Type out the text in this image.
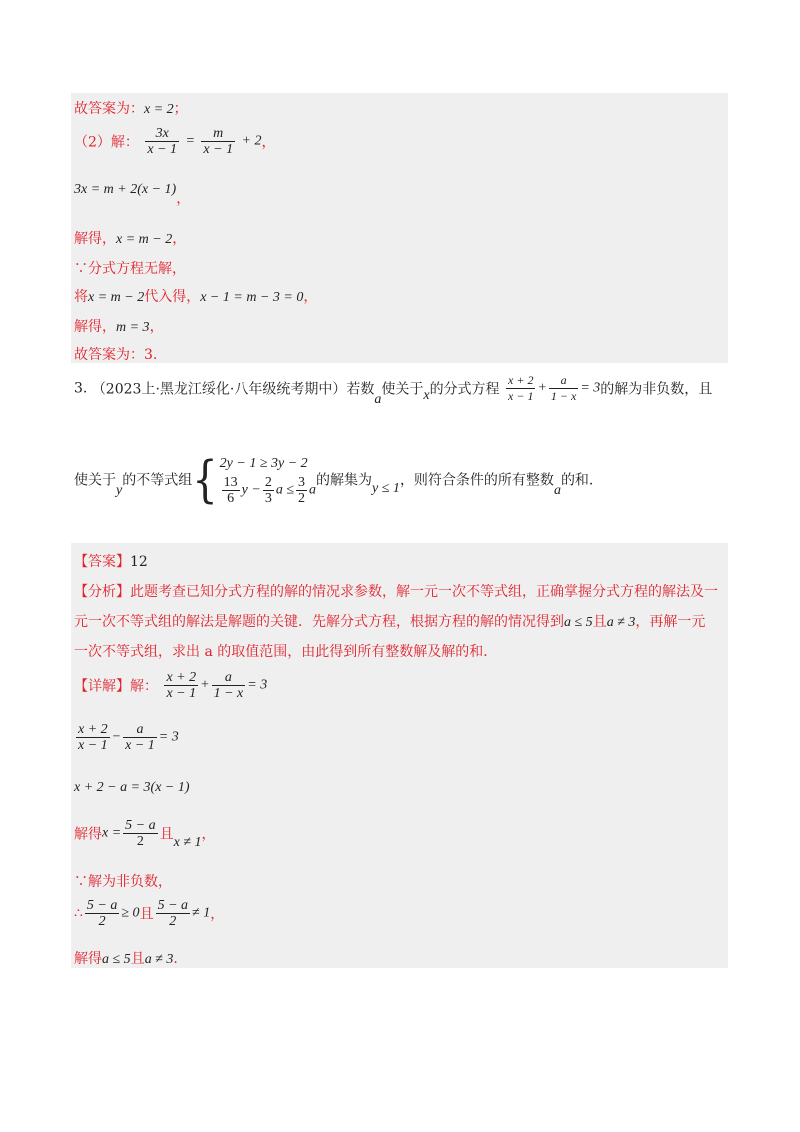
故答案为：x = 2；
（2）解： $\frac{3x}{x - 1} = \frac{m}{x - 1} + 2$，
3x = m + 2(x − 1)，
解得，x = m − 2，
∵分式方程无解，
将x = m − 2代入得，x − 1 = m − 3 = 0，
解得，m = 3，
故答案为：3.
3. （2023上·黑龙江绥化·八年级统考期中）若数a使关于x的分式方程 $\frac{x + 2}{x - 1} + \frac{a}{1 - x} = 3$的解为非负数，且
使关于y的不等式组{ 2y − 1 ≥ 3y − 2
$\frac{13}{6}$ $y - \frac{2}{3}$ $a \le \frac{3}{2}$ a
的解集为y ≤ 1，则符合条件的所有整数a的和.
【答案】12
【分析】此题考查已知分式方程的解的情况求参数，解一元一次不等式组，正确掌握分式方程的解法及一
元一次不等式组的解法是解题的关键．先解分式方程，根据方程的解的情况得到a ≤ 5且a ≠ 3，再解一元
一次不等式组，求出 a 的取值范围，由此得到所有整数解及解的和．
【详解】解： $\frac{x + 2}{x - 1} + \frac{a}{1 - x} = 3$
$\frac{x + 2}{x - 1} - \frac{a}{x - 1} = 3$
x + 2 − a = 3(x − 1)
解得$x = \frac{5 - a}{2}$ 且x ≠ 1，
∵解为非负数，
∴ $\frac{5 - a}{2} \ge 0$且 $\frac{5 - a}{2} \ne 1$，
解得a ≤ 5且a ≠ 3.
